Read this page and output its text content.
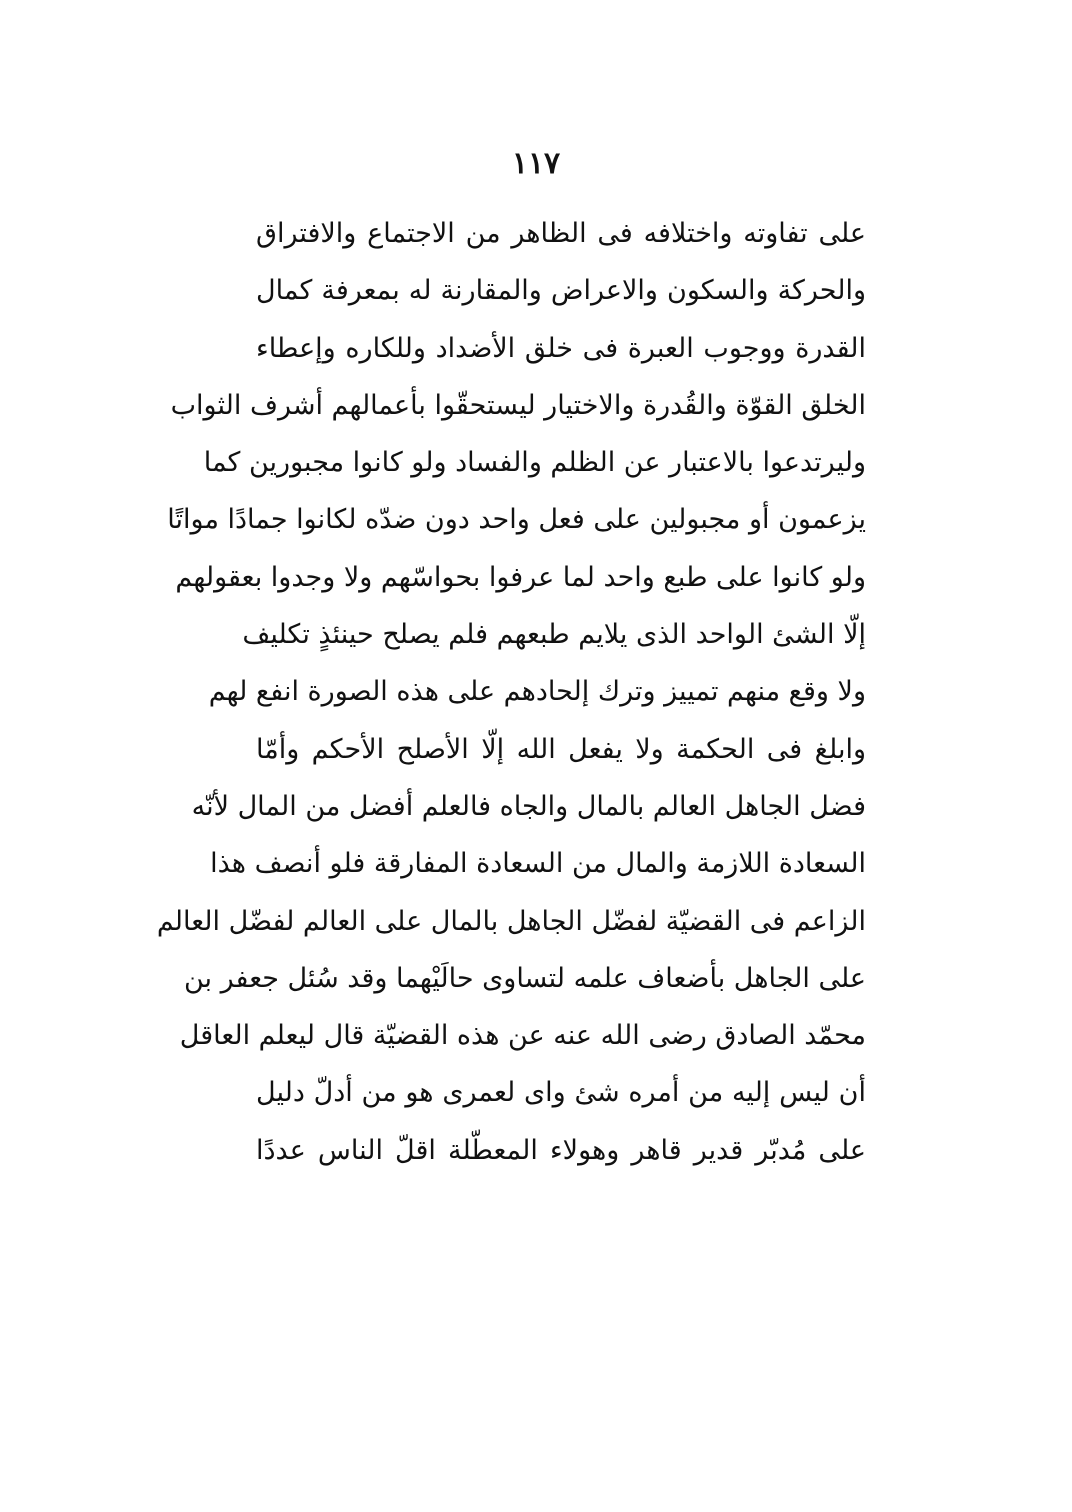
١١٧
على تفاوته واختلافه فى الظاهر من الاجتماع والافتراق
والحركة والسكون والاعراض والمقارنة له بمعرفة كمال
القدرة ووجوب العبرة فى خلق الأضداد وللكاره وإعطاء
الخلق القوّة والقُدرة والاختيار ليستحقّوا بأعمالهم أشرف الثواب
وليرتدعوا بالاعتبار عن الظلم والفساد ولو كانوا مجبورين كما
يزعمون أو مجبولين على فعل واحد دون ضدّه لكانوا جمادًا مواتًا
ولو كانوا على طبع واحد لما عرفوا بحواسّهم ولا وجدوا بعقولهم
إلّا الشئ الواحد الذى يلايم طبعهم فلم يصلح حينئذٍ تكليف
ولا وقع منهم تمييز وترك إلحادهم على هذه الصورة انفع لهم
وابلغ فى الحكمة ولا يفعل الله إلّا الأصلح الأحكم وأمّا
فضل الجاهل العالم بالمال والجاه فالعلم أفضل من المال لأنّه
السعادة اللازمة والمال من السعادة المفارقة فلو أنصف هذا
الزاعم فى القضيّة لفضّل الجاهل بالمال على العالم لفضّل العالم
على الجاهل بأضعاف علمه لتساوى حالَيْهما وقد سُئل جعفر بن
محمّد الصادق رضى الله عنه عن هذه القضيّة قال ليعلم العاقل
أن ليس إليه من أمره شئ واى لعمرى هو من أدلّ دليل
على مُدبّر قدير قاهر وهولاء المعطّلة اقلّ الناس عددًا
